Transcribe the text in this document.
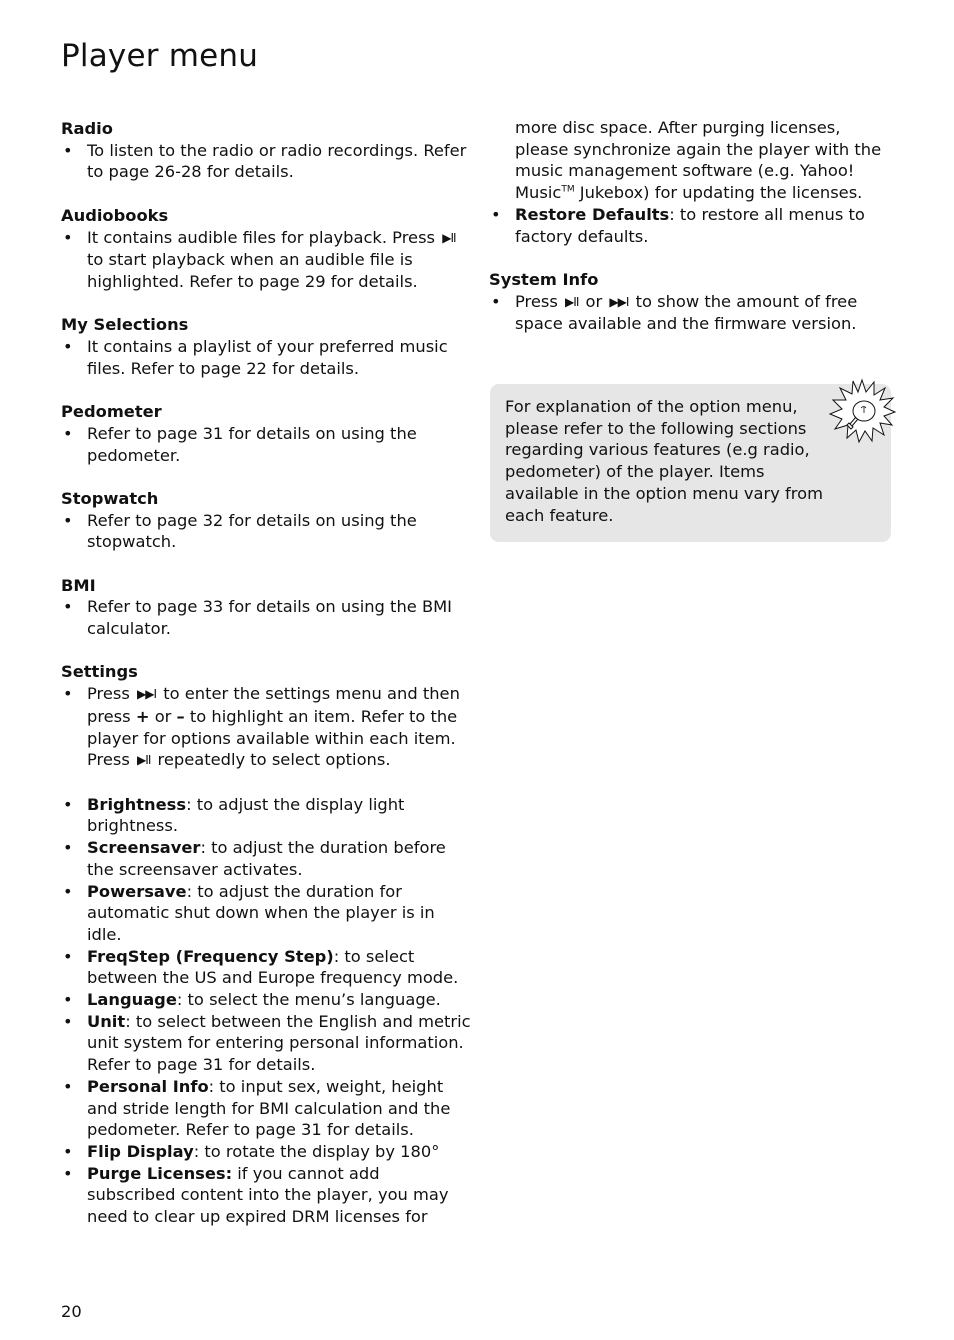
Player menu

Radio

• To listen to the radio or radio recordings. Refer to page 26-28 for details.

Audiobooks

• It contains audible files for playback. Press ▶II to start playback when an audible file is highlighted. Refer to page 29 for details.

My Selections

• It contains a playlist of your preferred music files. Refer to page 22 for details.

Pedometer

• Refer to page 31 for details on using the pedometer.

Stopwatch

• Refer to page 32 for details on using the stopwatch.

BMI

• Refer to page 33 for details on using the BMI calculator.

Settings

• Press ▶▶I to enter the settings menu and then press + or – to highlight an item. Refer to the player for options available within each item. Press ▶II repeatedly to select options.
• Brightness: to adjust the display light brightness.
• Screensaver: to adjust the duration before the screensaver activates.
• Powersave: to adjust the duration for automatic shut down when the player is in idle.
• FreqStep (Frequency Step): to select between the US and Europe frequency mode.
• Language: to select the menu’s language.
• Unit: to select between the English and metric unit system for entering personal information. Refer to page 31 for details.
• Personal Info: to input sex, weight, height and stride length for BMI calculation and the pedometer. Refer to page 31 for details.
• Flip Display: to rotate the display by 180°
• Purge Licenses: if you cannot add subscribed content into the player, you may need to clear up expired DRM licenses for

more disc space. After purging licenses, please synchronize again the player with the music management software (e.g. Yahoo! Music™ Jukebox) for updating the licenses.

• Restore Defaults: to restore all menus to factory defaults.

System Info

• Press ▶II or ▶▶I to show the amount of free space available and the firmware version.
For explanation of the option menu, please refer to the following sections regarding various features (e.g radio, pedometer) of the player. Items available in the option menu vary from each feature.
20
